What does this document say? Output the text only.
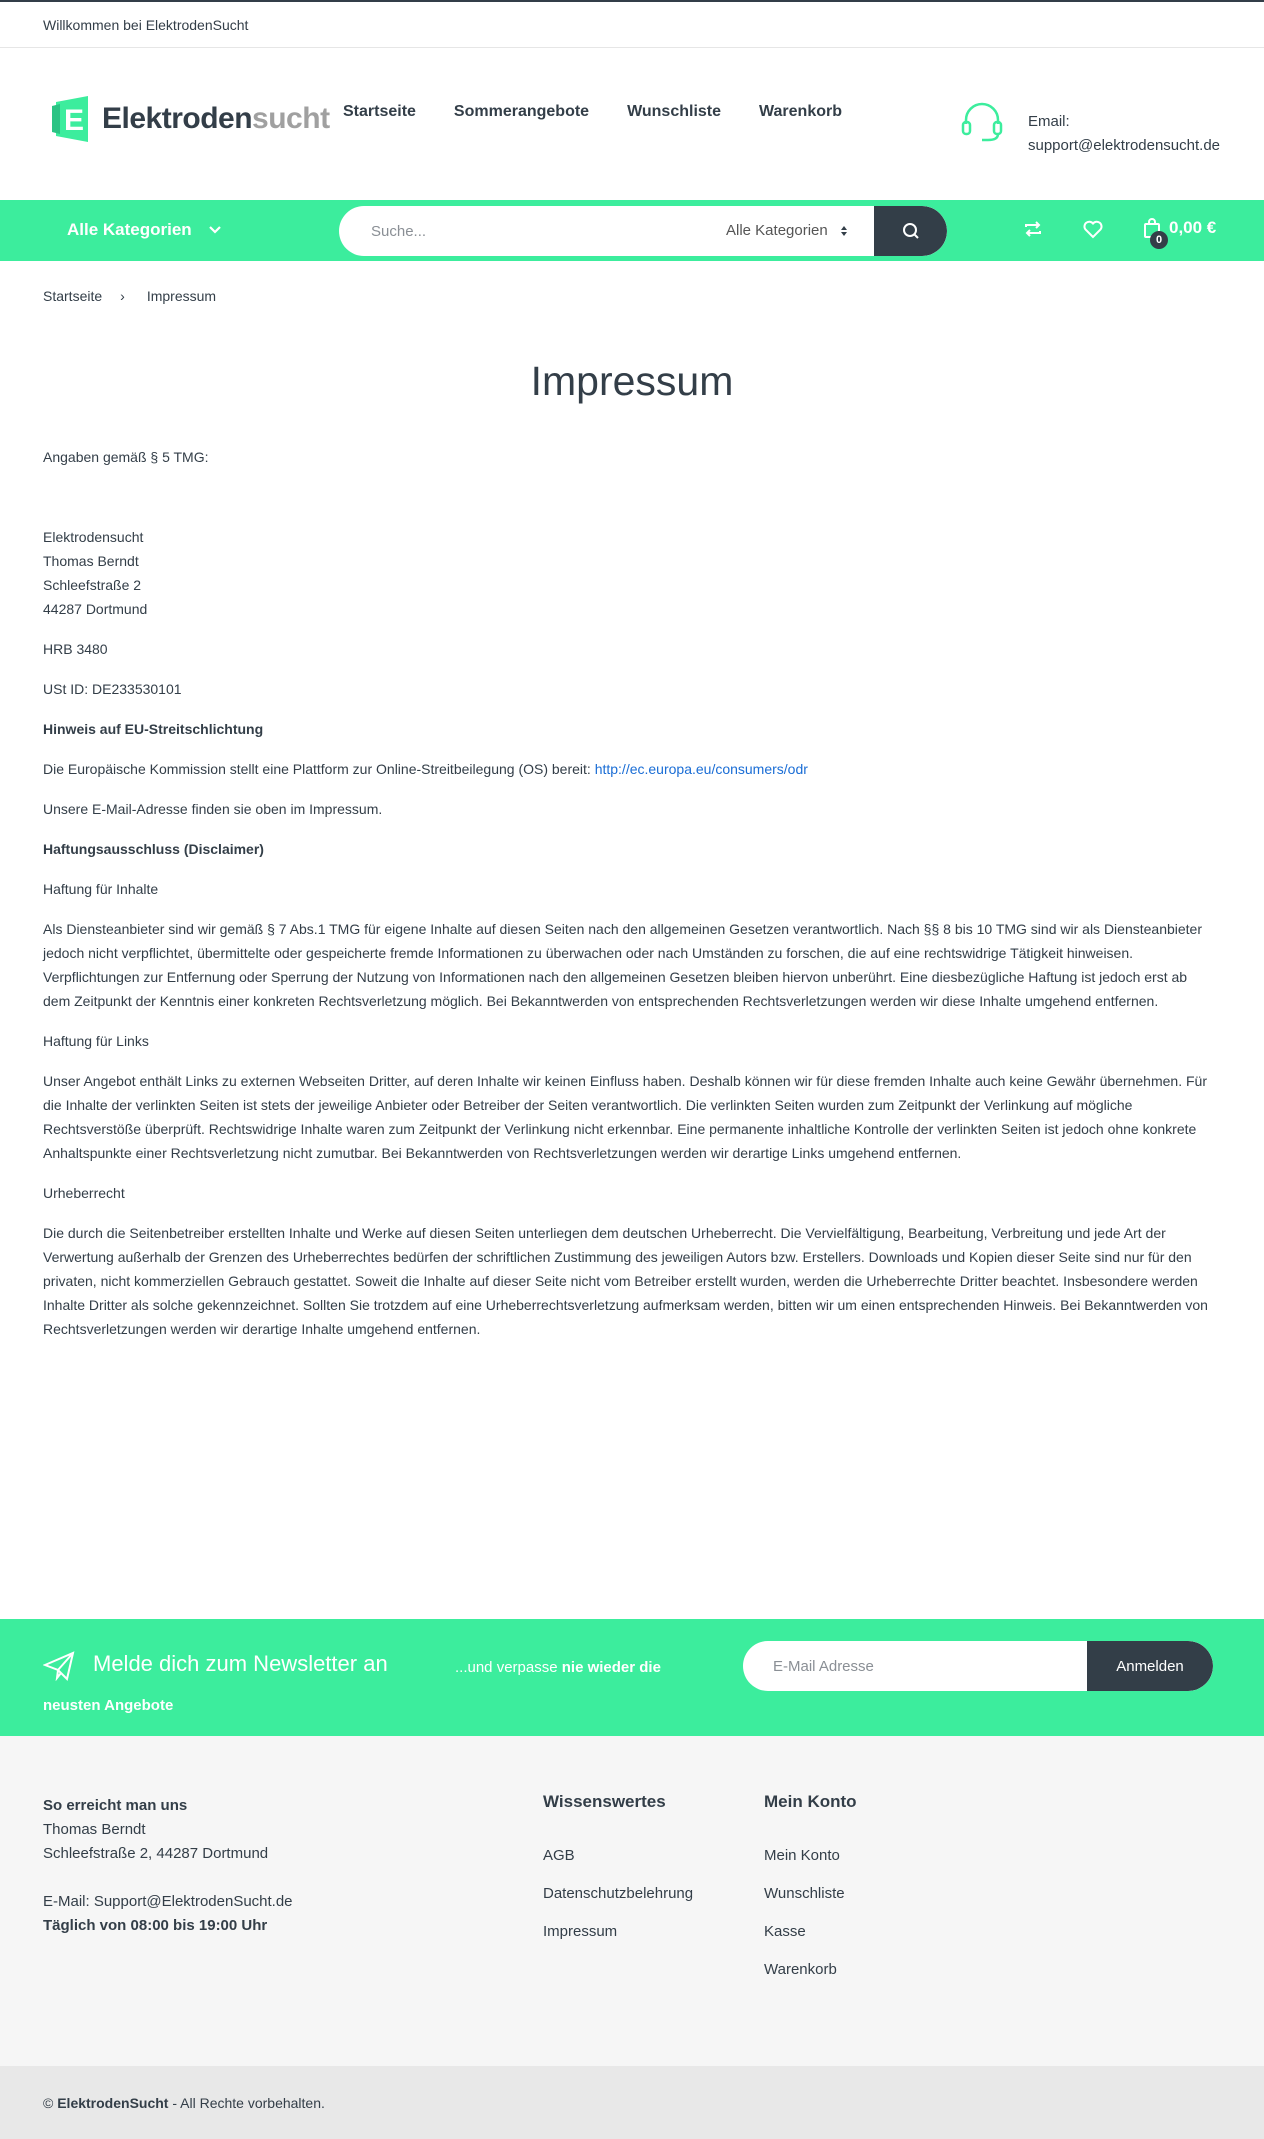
Willkommen bei ElektrodenSucht
E Elektrodensucht Startseite Sommerangebote Wunschliste Warenkorb
Email:
support@elektrodensucht.de
Alle Kategorien
Suche...	Alle Kategorien
0
0,00 €
Startseite › Impressum
Impressum

Angaben gemäß § 5 TMG:

Elektrodensucht
Thomas Berndt
Schleefstraße 2
44287 Dortmund

HRB 3480

USt ID: DE233530101

Hinweis auf EU-Streitschlichtung

Die Europäische Kommission stellt eine Plattform zur Online-Streitbeilegung (OS) bereit: http://ec.europa.eu/consumers/odr

Unsere E-Mail-Adresse finden sie oben im Impressum.

Haftungsausschluss (Disclaimer)

Haftung für Inhalte

Als Diensteanbieter sind wir gemäß § 7 Abs.1 TMG für eigene Inhalte auf diesen Seiten nach den allgemeinen Gesetzen verantwortlich. Nach §§ 8 bis 10 TMG sind wir als Diensteanbieter jedoch nicht verpflichtet, übermittelte oder gespeicherte fremde Informationen zu überwachen oder nach Umständen zu forschen, die auf eine rechtswidrige Tätigkeit hinweisen. Verpflichtungen zur Entfernung oder Sperrung der Nutzung von Informationen nach den allgemeinen Gesetzen bleiben hiervon unberührt. Eine diesbezügliche Haftung ist jedoch erst ab dem Zeitpunkt der Kenntnis einer konkreten Rechtsverletzung möglich. Bei Bekanntwerden von entsprechenden Rechtsverletzungen werden wir diese Inhalte umgehend entfernen.

Haftung für Links

Unser Angebot enthält Links zu externen Webseiten Dritter, auf deren Inhalte wir keinen Einfluss haben. Deshalb können wir für diese fremden Inhalte auch keine Gewähr übernehmen. Für die Inhalte der verlinkten Seiten ist stets der jeweilige Anbieter oder Betreiber der Seiten verantwortlich. Die verlinkten Seiten wurden zum Zeitpunkt der Verlinkung auf mögliche Rechtsverstöße überprüft. Rechtswidrige Inhalte waren zum Zeitpunkt der Verlinkung nicht erkennbar. Eine permanente inhaltliche Kontrolle der verlinkten Seiten ist jedoch ohne konkrete Anhaltspunkte einer Rechtsverletzung nicht zumutbar. Bei Bekanntwerden von Rechtsverletzungen werden wir derartige Links umgehend entfernen.

Urheberrecht

Die durch die Seitenbetreiber erstellten Inhalte und Werke auf diesen Seiten unterliegen dem deutschen Urheberrecht. Die Vervielfältigung, Bearbeitung, Verbreitung und jede Art der Verwertung außerhalb der Grenzen des Urheberrechtes bedürfen der schriftlichen Zustimmung des jeweiligen Autors bzw. Erstellers. Downloads und Kopien dieser Seite sind nur für den privaten, nicht kommerziellen Gebrauch gestattet. Soweit die Inhalte auf dieser Seite nicht vom Betreiber erstellt wurden, werden die Urheberrechte Dritter beachtet. Insbesondere werden Inhalte Dritter als solche gekennzeichnet. Sollten Sie trotzdem auf eine Urheberrechtsverletzung aufmerksam werden, bitten wir um einen entsprechenden Hinweis. Bei Bekanntwerden von Rechtsverletzungen werden wir derartige Inhalte umgehend entfernen.

Melde dich zum Newsletter an	...und verpasse nie wieder die
neusten Angebote
E-Mail Adresse
Anmelden
So erreicht man uns
Thomas Berndt
Schleefstraße 2, 44287 Dortmund
E-Mail: Support@ElektrodenSucht.de
Täglich von 08:00 bis 19:00 Uhr
Wissenswertes
AGB
Datenschutzbelehrung
Impressum
Mein Konto
Mein Konto
Wunschliste
Kasse
Warenkorb
© ElektrodenSucht - All Rechte vorbehalten.
